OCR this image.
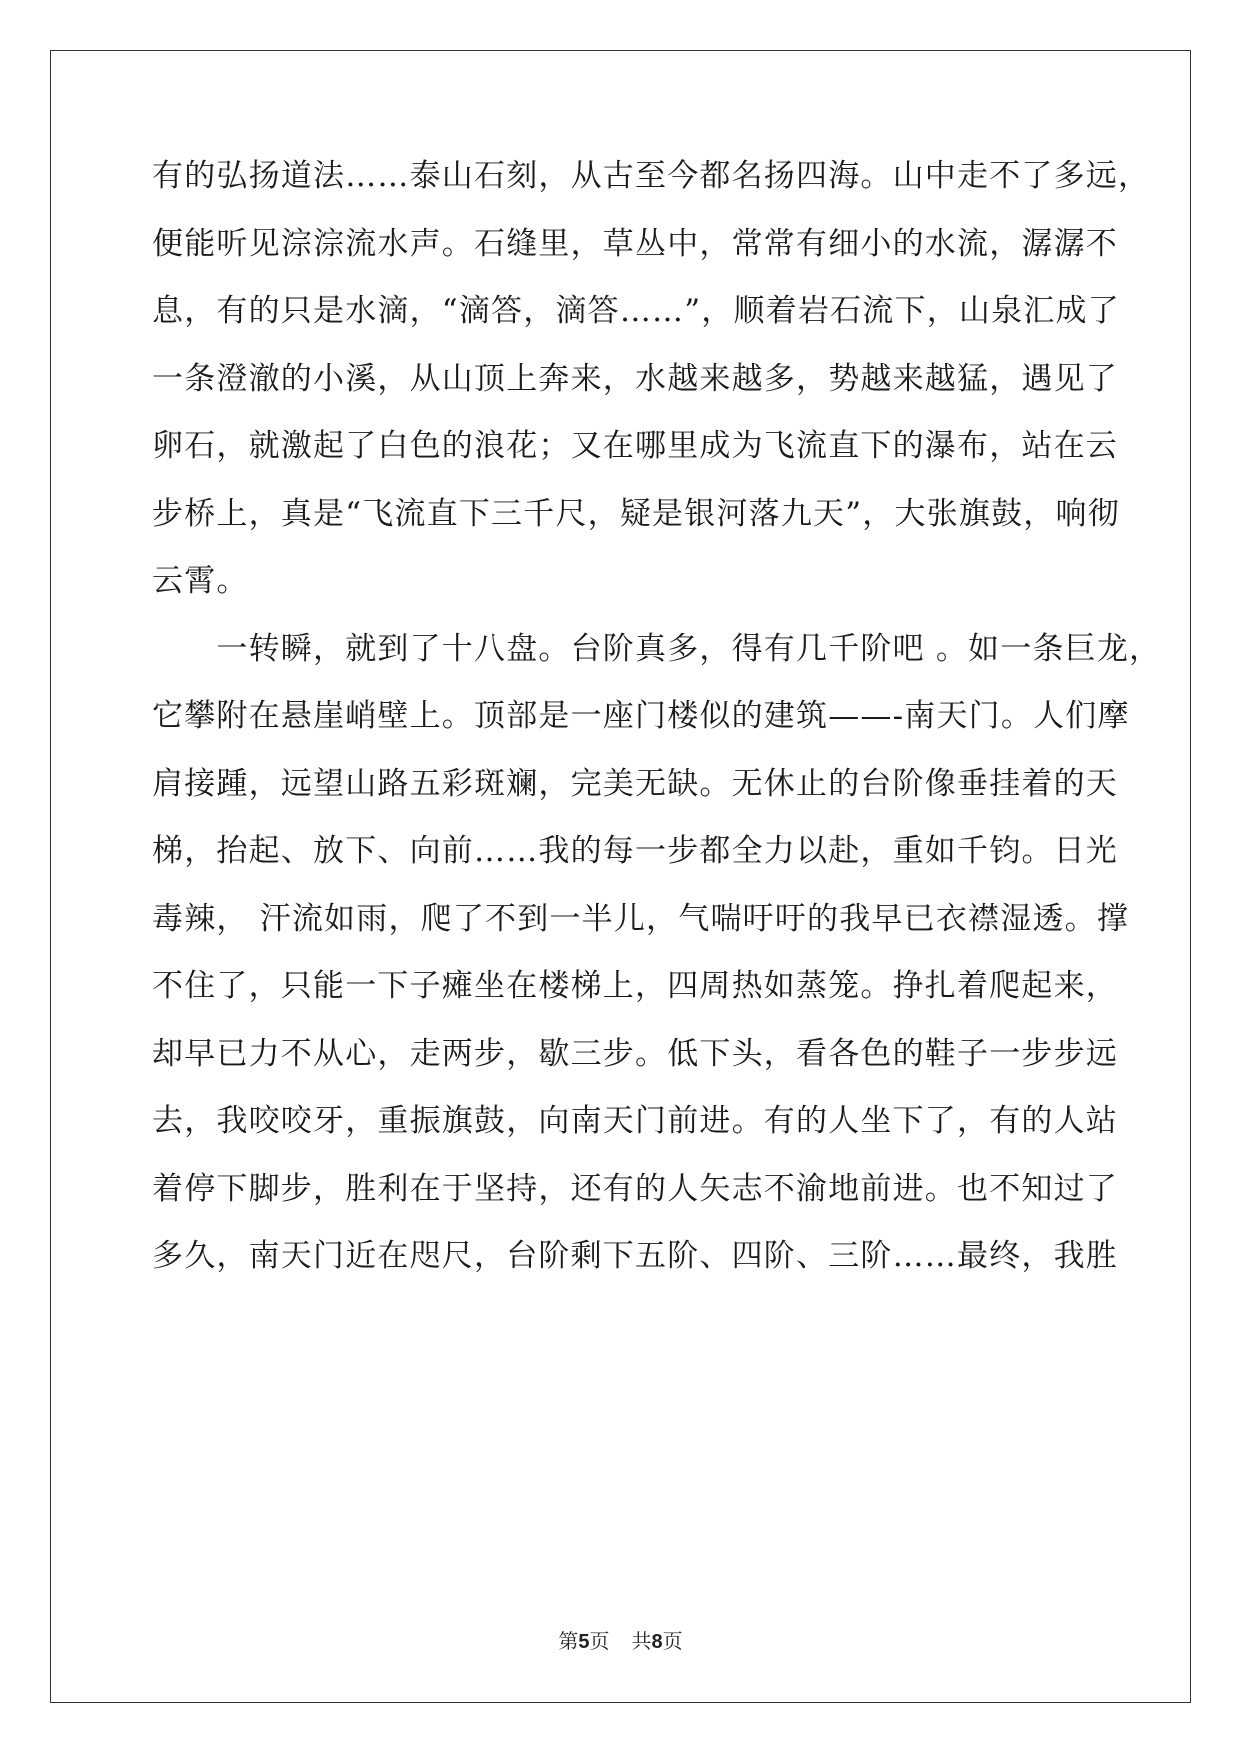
有的弘扬道法……泰山石刻，从古至今都名扬四海。山中走不了多远，
便能听见淙淙流水声。石缝里，草丛中，常常有细小的水流，潺潺不
息，有的只是水滴，“滴答，滴答……”，顺着岩石流下，山泉汇成了
一条澄澈的小溪，从山顶上奔来，水越来越多，势越来越猛，遇见了
卵石，就激起了白色的浪花；又在哪里成为飞流直下的瀑布，站在云
步桥上，真是“飞流直下三千尺，疑是银河落九天”，大张旗鼓，响彻
云霄。
　　一转瞬，就到了十八盘。台阶真多，得有几千阶吧 。如一条巨龙，
它攀附在悬崖峭壁上。顶部是一座门楼似的建筑——-南天门。人们摩
肩接踵，远望山路五彩斑斓，完美无缺。无休止的台阶像垂挂着的天
梯，抬起、放下、向前……我的每一步都全力以赴，重如千钧。日光
毒辣， 汗流如雨，爬了不到一半儿，气喘吁吁的我早已衣襟湿透。撑
不住了，只能一下子瘫坐在楼梯上，四周热如蒸笼。挣扎着爬起来，
却早已力不从心，走两步，歇三步。低下头，看各色的鞋子一步步远
去，我咬咬牙，重振旗鼓，向南天门前进。有的人坐下了，有的人站
着停下脚步，胜利在于坚持，还有的人矢志不渝地前进。也不知过了
多久，南天门近在咫尺，台阶剩下五阶、四阶、三阶……最终，我胜
第5页 共8页
